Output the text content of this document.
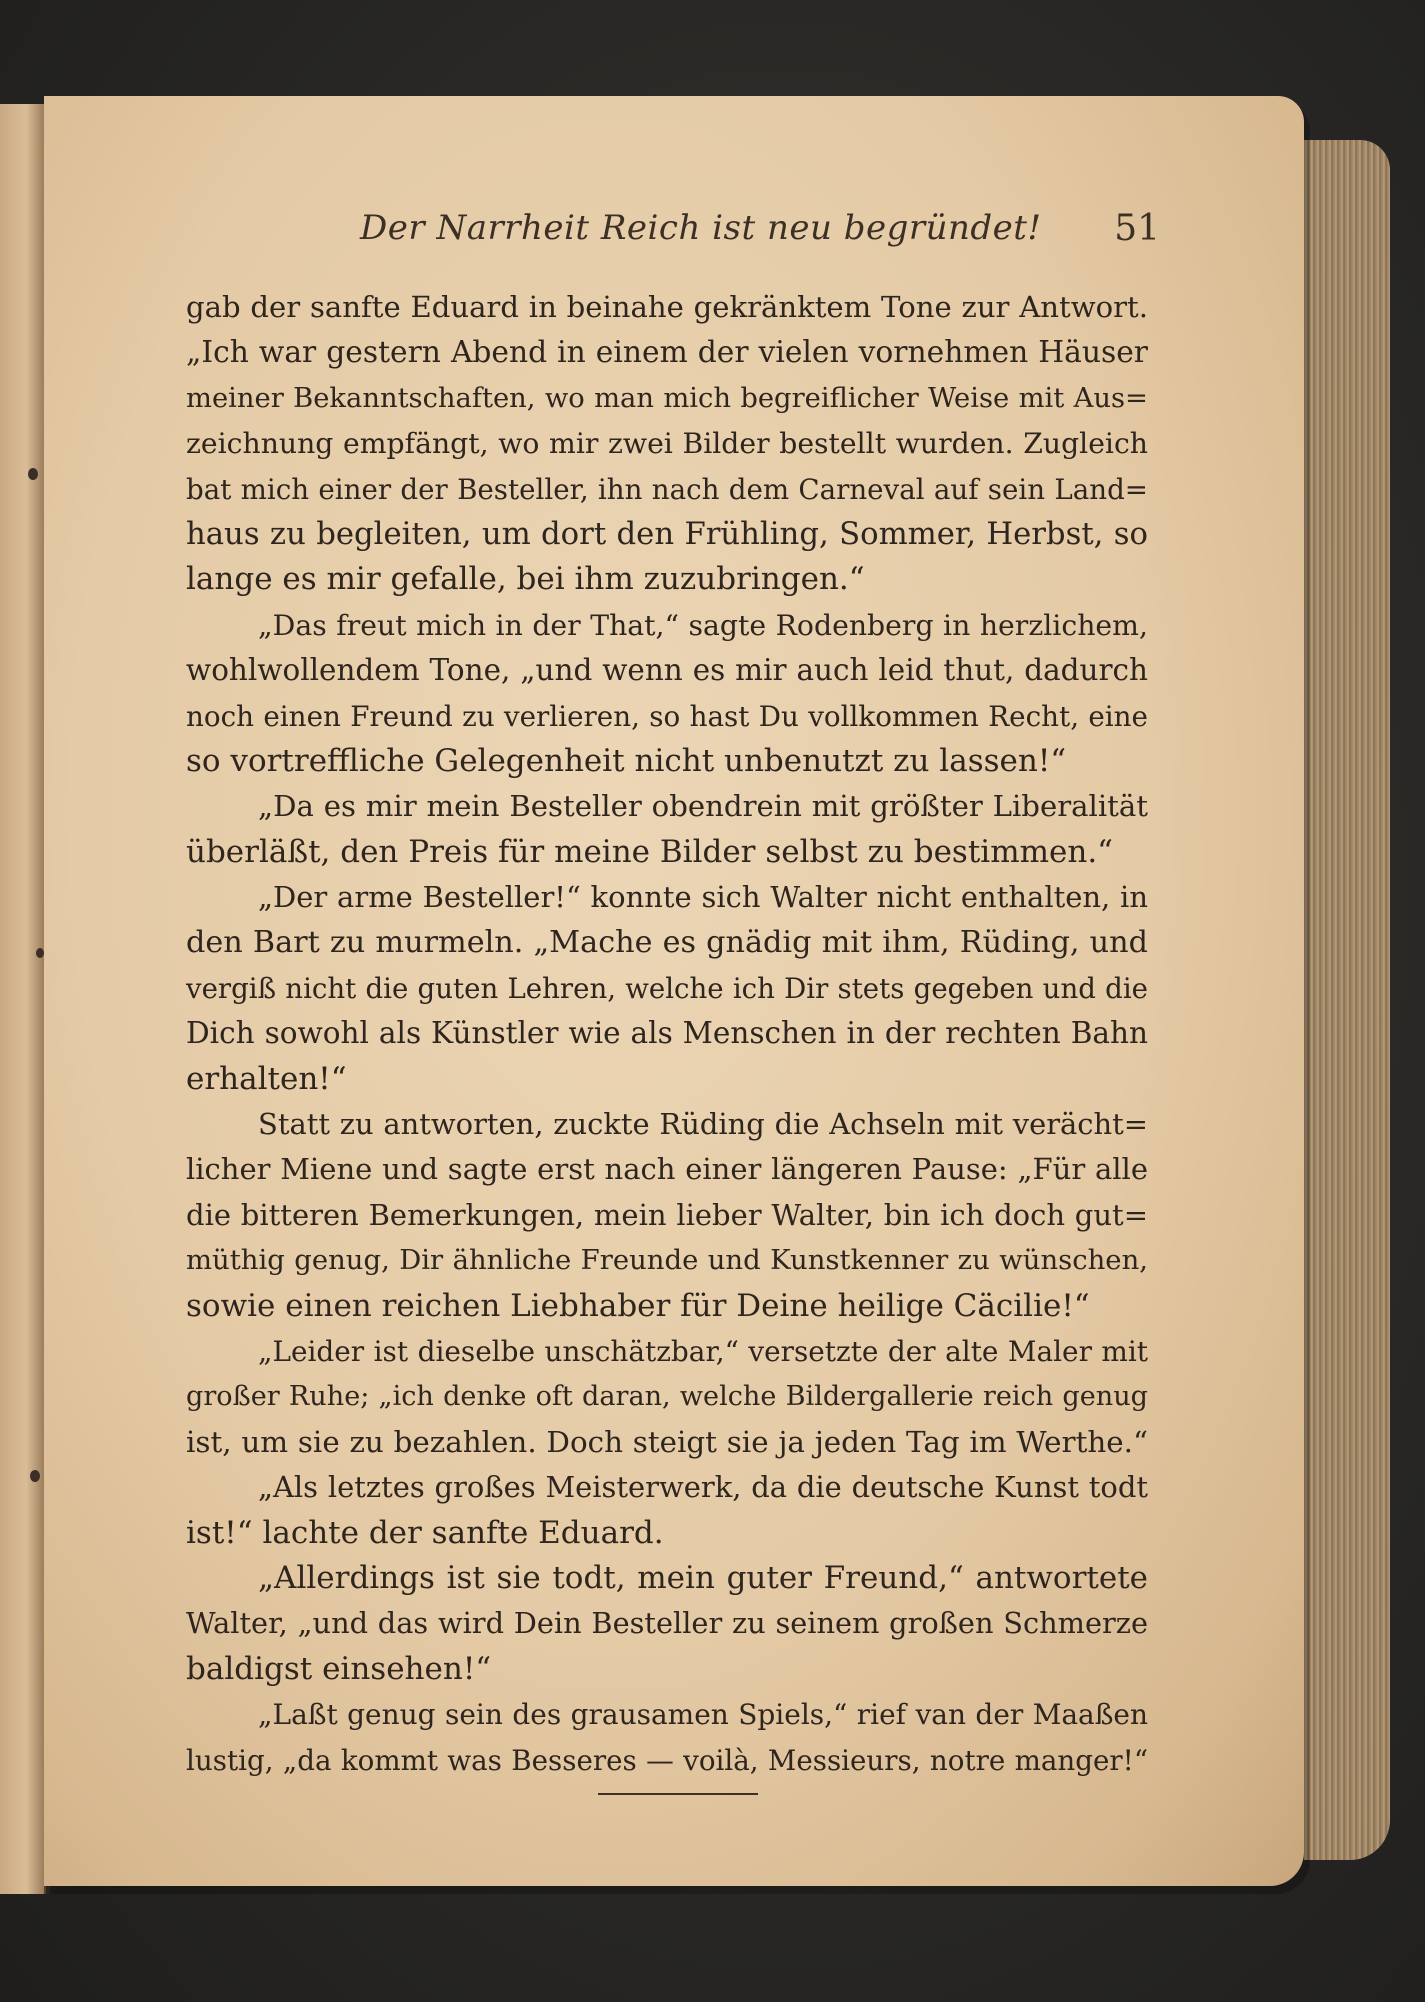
Der Narrheit Reich ist neu begründet! 51
gab der sanfte Eduard in beinahe gekränktem Tone zur Antwort.
„Ich war gestern Abend in einem der vielen vornehmen Häuser
meiner Bekanntschaften, wo man mich begreiflicher Weise mit Aus=
zeichnung empfängt, wo mir zwei Bilder bestellt wurden. Zugleich
bat mich einer der Besteller, ihn nach dem Carneval auf sein Land=
haus zu begleiten, um dort den Frühling, Sommer, Herbst, so
lange es mir gefalle, bei ihm zuzubringen.“
„Das freut mich in der That,“ sagte Rodenberg in herzlichem,
wohlwollendem Tone, „und wenn es mir auch leid thut, dadurch
noch einen Freund zu verlieren, so hast Du vollkommen Recht, eine
so vortreffliche Gelegenheit nicht unbenutzt zu lassen!“
„Da es mir mein Besteller obendrein mit größter Liberalität
überläßt, den Preis für meine Bilder selbst zu bestimmen.“
„Der arme Besteller!“ konnte sich Walter nicht enthalten, in
den Bart zu murmeln. „Mache es gnädig mit ihm, Rüding, und
vergiß nicht die guten Lehren, welche ich Dir stets gegeben und die
Dich sowohl als Künstler wie als Menschen in der rechten Bahn
erhalten!“
Statt zu antworten, zuckte Rüding die Achseln mit verächt=
licher Miene und sagte erst nach einer längeren Pause: „Für alle
die bitteren Bemerkungen, mein lieber Walter, bin ich doch gut=
müthig genug, Dir ähnliche Freunde und Kunstkenner zu wünschen,
sowie einen reichen Liebhaber für Deine heilige Cäcilie!“
„Leider ist dieselbe unschätzbar,“ versetzte der alte Maler mit
großer Ruhe; „ich denke oft daran, welche Bildergallerie reich genug
ist, um sie zu bezahlen. Doch steigt sie ja jeden Tag im Werthe.“
„Als letztes großes Meisterwerk, da die deutsche Kunst todt
ist!“ lachte der sanfte Eduard.
„Allerdings ist sie todt, mein guter Freund,“ antwortete
Walter, „und das wird Dein Besteller zu seinem großen Schmerze
baldigst einsehen!“
„Laßt genug sein des grausamen Spiels,“ rief van der Maaßen
lustig, „da kommt was Besseres — voilà, Messieurs, notre manger!“
